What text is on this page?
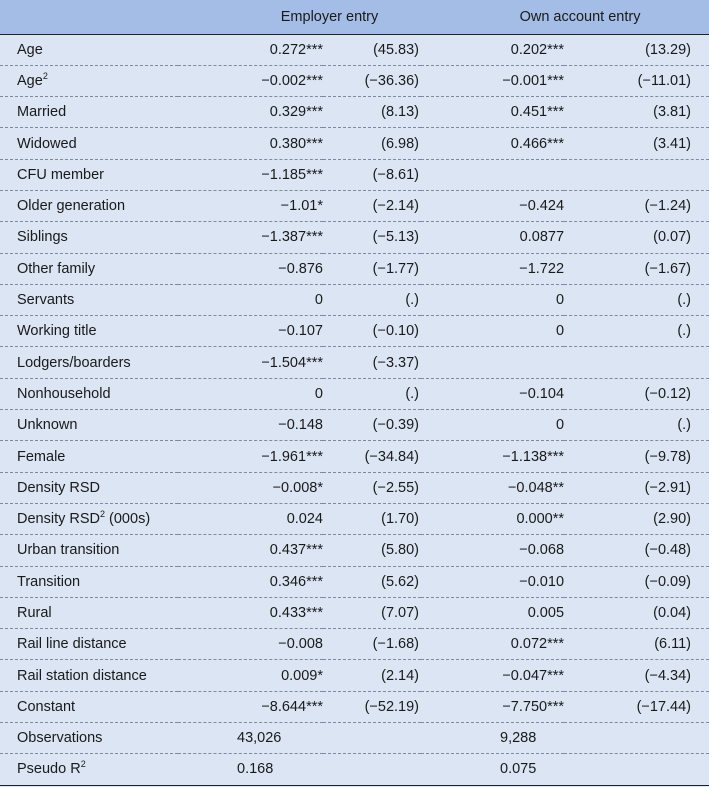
	Employer entry		Own account entry	
Age	0.272***	(45.83)	0.202***	(13.29)
Age$^2$	−0.002***	(−36.36)	−0.001***	(−11.01)
Married	0.329***	(8.13)	0.451***	(3.81)
Widowed	0.380***	(6.98)	0.466***	(3.41)
CFU member	−1.185***	(−8.61)		
Older generation	−1.01*	(−2.14)	−0.424	(−1.24)
Siblings	−1.387***	(−5.13)	0.0877	(0.07)
Other family	−0.876	(−1.77)	−1.722	(−1.67)
Servants	0	(.)	0	(.)
Working title	−0.107	(−0.10)	0	(.)
Lodgers/boarders	−1.504***	(−3.37)		
Nonhousehold	0	(.)	−0.104	(−0.12)
Unknown	−0.148	(−0.39)	0	(.)
Female	−1.961***	(−34.84)	−1.138***	(−9.78)
Density RSD	−0.008*	(−2.55)	−0.048**	(−2.91)
Density RSD$^2$ (000s)	0.024	(1.70)	0.000**	(2.90)
Urban transition	0.437***	(5.80)	−0.068	(−0.48)
Transition	0.346***	(5.62)	−0.010	(−0.09)
Rural	0.433***	(7.07)	0.005	(0.04)
Rail line distance	−0.008	(−1.68)	0.072***	(6.11)
Rail station distance	0.009*	(2.14)	−0.047***	(−4.34)
Constant	−8.644***	(−52.19)	−7.750***	(−17.44)
Observations	43,026		9,288	
Pseudo $R^2$	0.168		0.075	
